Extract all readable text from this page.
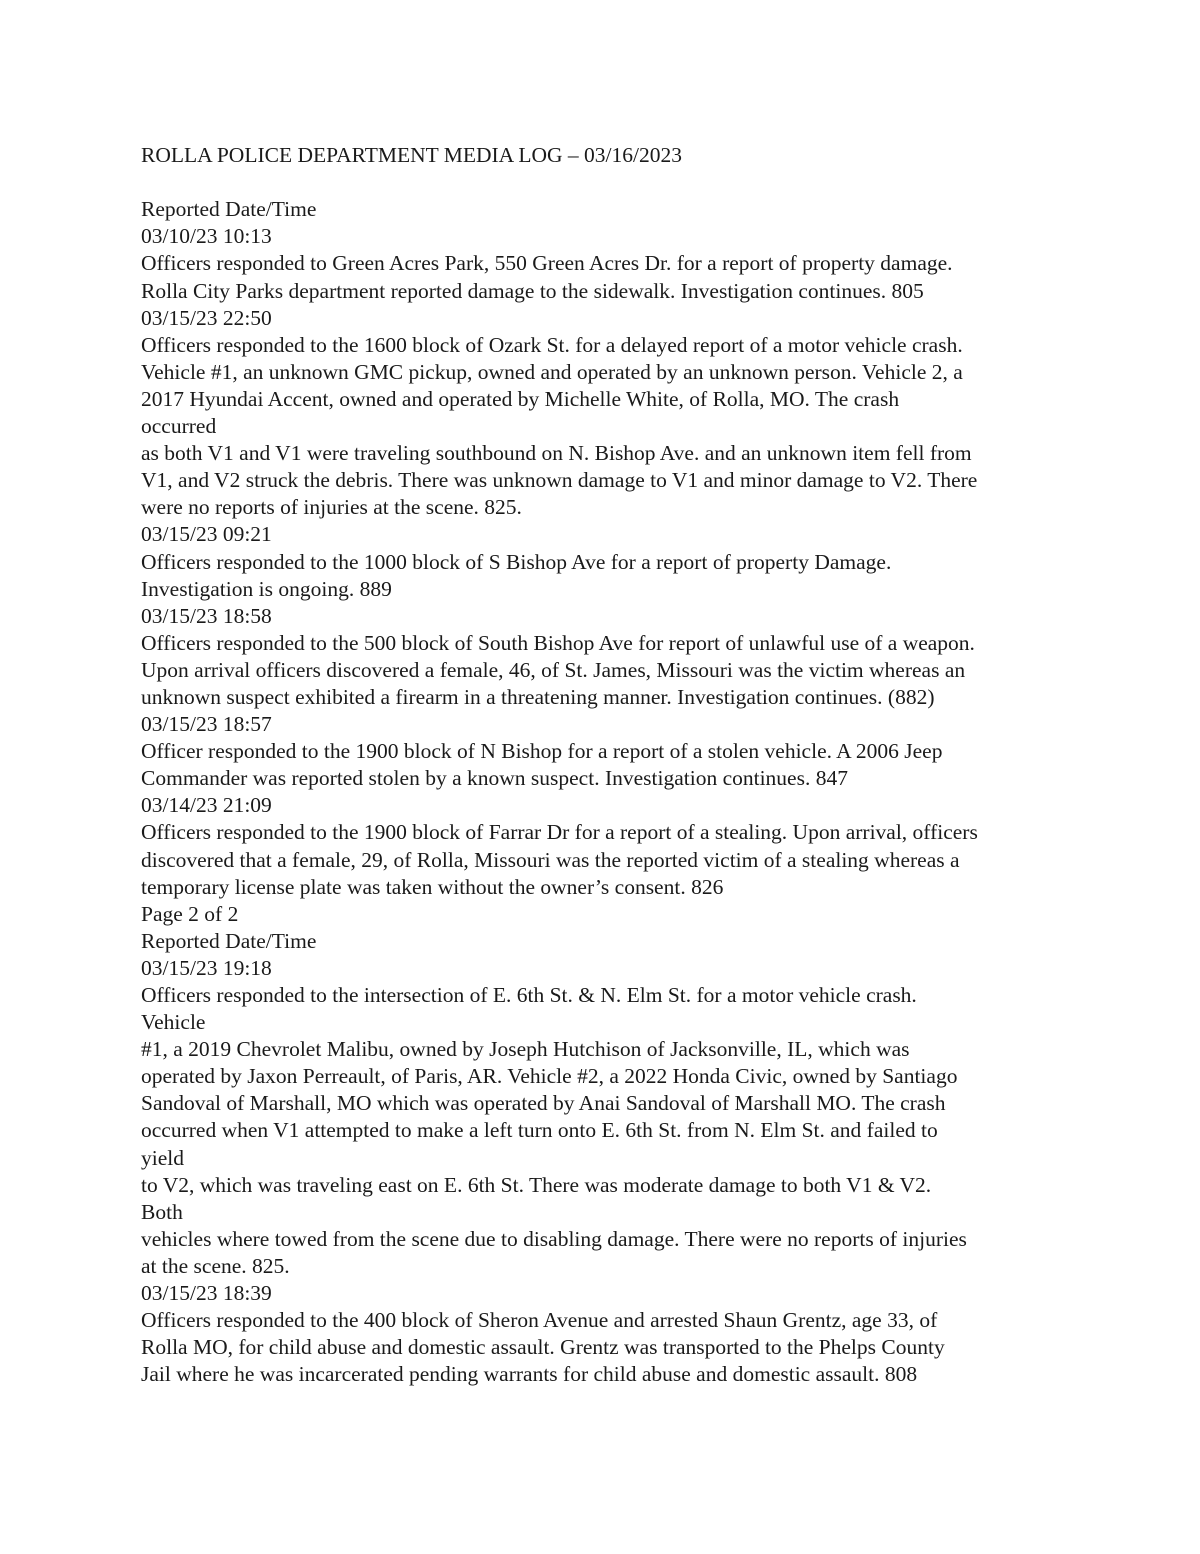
ROLLA POLICE DEPARTMENT MEDIA LOG – 03/16/2023
Reported Date/Time
03/10/23 10:13
Officers responded to Green Acres Park, 550 Green Acres Dr. for a report of property damage.
Rolla City Parks department reported damage to the sidewalk. Investigation continues. 805
03/15/23 22:50
Officers responded to the 1600 block of Ozark St. for a delayed report of a motor vehicle crash.
Vehicle #1, an unknown GMC pickup, owned and operated by an unknown person. Vehicle 2, a
2017 Hyundai Accent, owned and operated by Michelle White, of Rolla, MO. The crash
occurred
as both V1 and V1 were traveling southbound on N. Bishop Ave. and an unknown item fell from
V1, and V2 struck the debris. There was unknown damage to V1 and minor damage to V2. There
were no reports of injuries at the scene. 825.
03/15/23 09:21
Officers responded to the 1000 block of S Bishop Ave for a report of property Damage.
Investigation is ongoing. 889
03/15/23 18:58
Officers responded to the 500 block of South Bishop Ave for report of unlawful use of a weapon.
Upon arrival officers discovered a female, 46, of St. James, Missouri was the victim whereas an
unknown suspect exhibited a firearm in a threatening manner. Investigation continues. (882)
03/15/23 18:57
Officer responded to the 1900 block of N Bishop for a report of a stolen vehicle. A 2006 Jeep
Commander was reported stolen by a known suspect. Investigation continues. 847
03/14/23 21:09
Officers responded to the 1900 block of Farrar Dr for a report of a stealing. Upon arrival, officers
discovered that a female, 29, of Rolla, Missouri was the reported victim of a stealing whereas a
temporary license plate was taken without the owner’s consent. 826
Page 2 of 2
Reported Date/Time
03/15/23 19:18
Officers responded to the intersection of E. 6th St. & N. Elm St. for a motor vehicle crash.
Vehicle
#1, a 2019 Chevrolet Malibu, owned by Joseph Hutchison of Jacksonville, IL, which was
operated by Jaxon Perreault, of Paris, AR. Vehicle #2, a 2022 Honda Civic, owned by Santiago
Sandoval of Marshall, MO which was operated by Anai Sandoval of Marshall MO. The crash
occurred when V1 attempted to make a left turn onto E. 6th St. from N. Elm St. and failed to
yield
to V2, which was traveling east on E. 6th St. There was moderate damage to both V1 & V2.
Both
vehicles where towed from the scene due to disabling damage. There were no reports of injuries
at the scene. 825.
03/15/23 18:39
Officers responded to the 400 block of Sheron Avenue and arrested Shaun Grentz, age 33, of
Rolla MO, for child abuse and domestic assault. Grentz was transported to the Phelps County
Jail where he was incarcerated pending warrants for child abuse and domestic assault. 808
